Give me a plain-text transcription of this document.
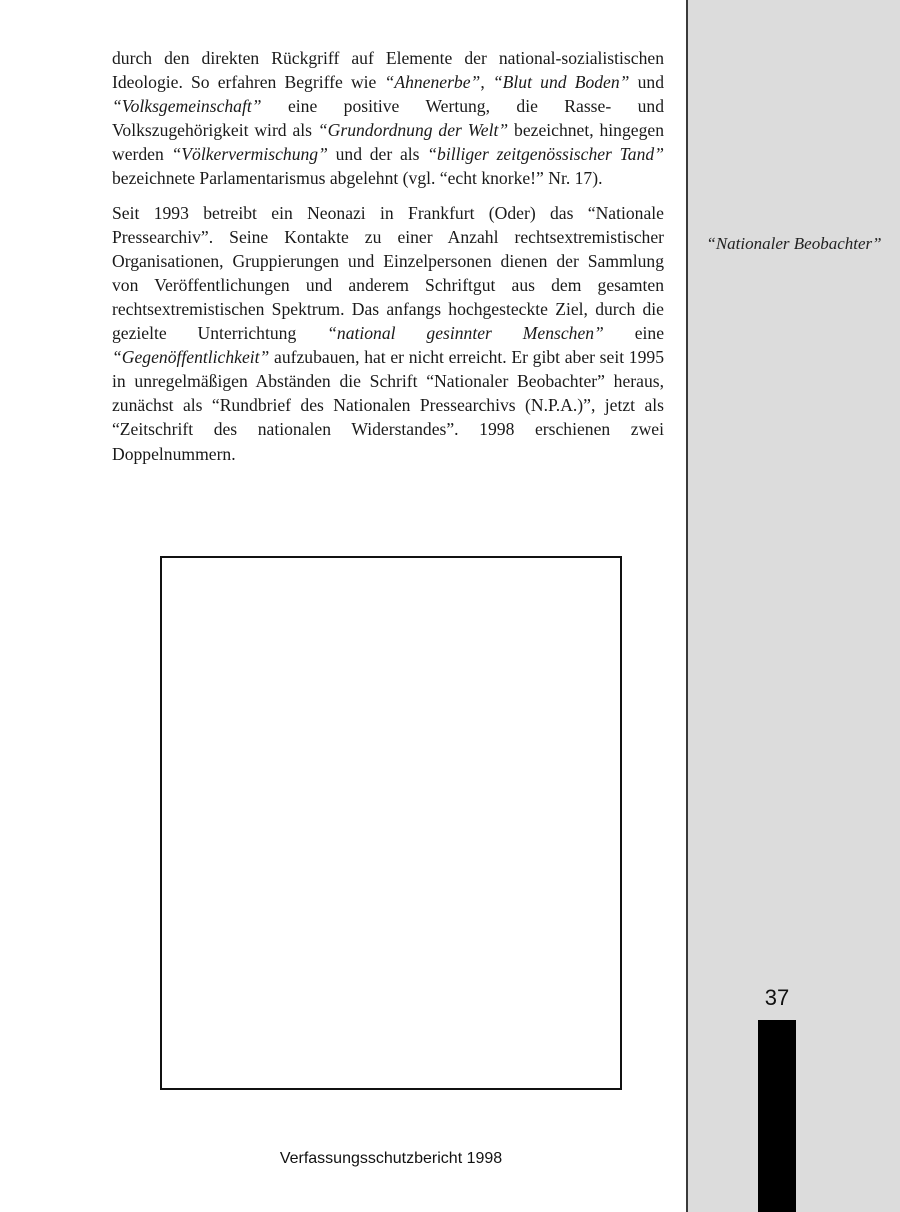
“Nationaler Beobachter”
37

durch den direkten Rückgriff auf Elemente der national-sozialistischen Ideologie. So erfahren Begriffe wie “Ahnenerbe”, “Blut und Boden” und “Volksgemeinschaft” eine positive Wertung, die Rasse- und Volkszugehörigkeit wird als “Grundordnung der Welt” bezeichnet, hingegen werden “Völkervermischung” und der als “billiger zeitgenössischer Tand” bezeichnete Parlamentarismus abgelehnt (vgl. “echt knorke!” Nr. 17).

Seit 1993 betreibt ein Neonazi in Frankfurt (Oder) das “Nationale Pressearchiv”. Seine Kontakte zu einer Anzahl rechtsextremistischer Organisationen, Gruppierungen und Einzelpersonen dienen der Sammlung von Veröffentlichungen und anderem Schriftgut aus dem gesamten rechtsextremistischen Spektrum. Das anfangs hochgesteckte Ziel, durch die gezielte Unterrichtung “national gesinnter Menschen” eine “Gegenöffentlichkeit” aufzubauen, hat er nicht erreicht. Er gibt aber seit 1995 in unregelmäßigen Abständen die Schrift “Nationaler Beobachter” heraus, zunächst als “Rundbrief des Nationalen Pressearchivs (N.P.A.)”, jetzt als “Zeitschrift des nationalen Widerstandes”. 1998 erschienen zwei Doppelnummern.

Verfassungsschutzbericht 1998
